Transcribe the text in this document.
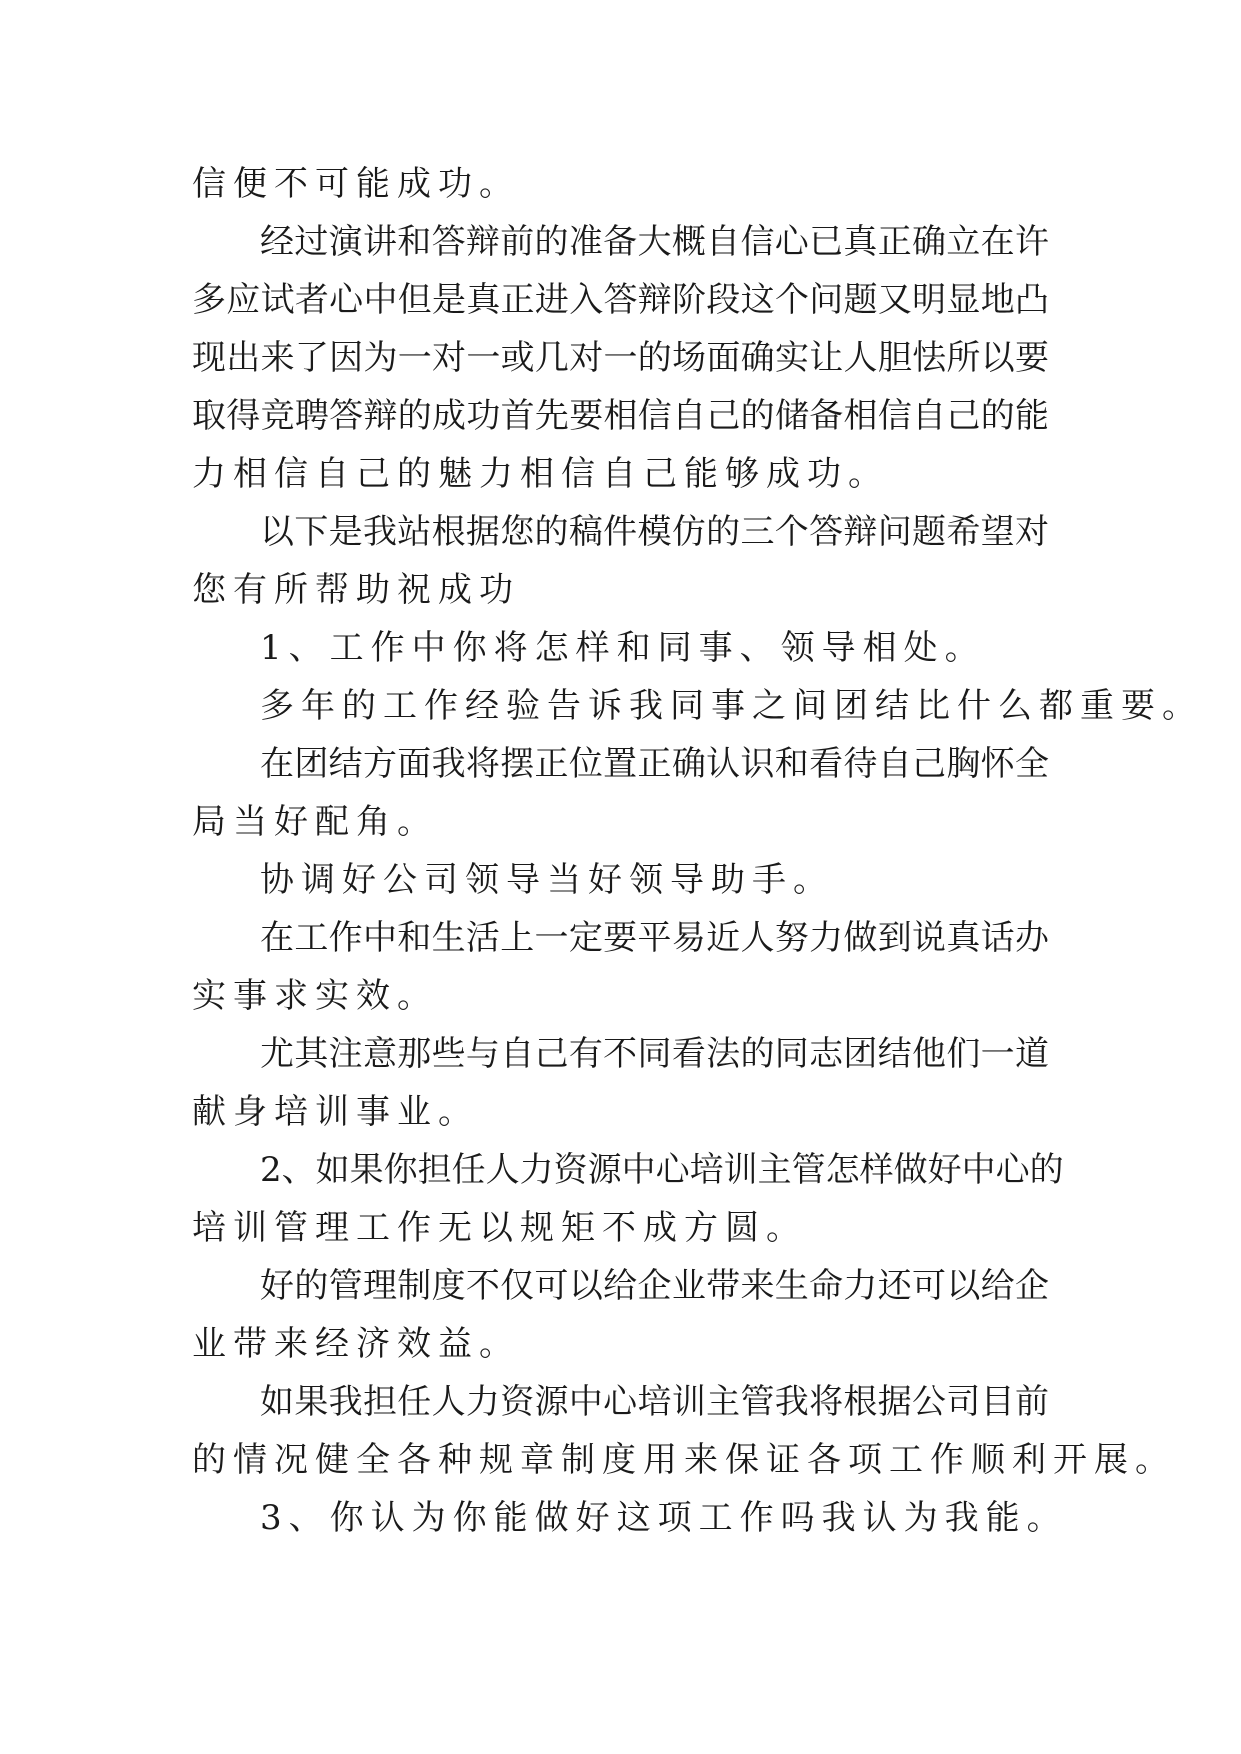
信便不可能成功。
经过演讲和答辩前的准备大概自信心已真正确立在许
多应试者心中但是真正进入答辩阶段这个问题又明显地凸
现出来了因为一对一或几对一的场面确实让人胆怯所以要
取得竞聘答辩的成功首先要相信自己的储备相信自己的能
力相信自己的魅力相信自己能够成功。
以下是我站根据您的稿件模仿的三个答辩问题希望对
您有所帮助祝成功
1、工作中你将怎样和同事、领导相处。
多年的工作经验告诉我同事之间团结比什么都重要。
在团结方面我将摆正位置正确认识和看待自己胸怀全
局当好配角。
协调好公司领导当好领导助手。
在工作中和生活上一定要平易近人努力做到说真话办
实事求实效。
尤其注意那些与自己有不同看法的同志团结他们一道
献身培训事业。
2、如果你担任人力资源中心培训主管怎样做好中心的
培训管理工作无以规矩不成方圆。
好的管理制度不仅可以给企业带来生命力还可以给企
业带来经济效益。
如果我担任人力资源中心培训主管我将根据公司目前
的情况健全各种规章制度用来保证各项工作顺利开展。
3、你认为你能做好这项工作吗我认为我能。
